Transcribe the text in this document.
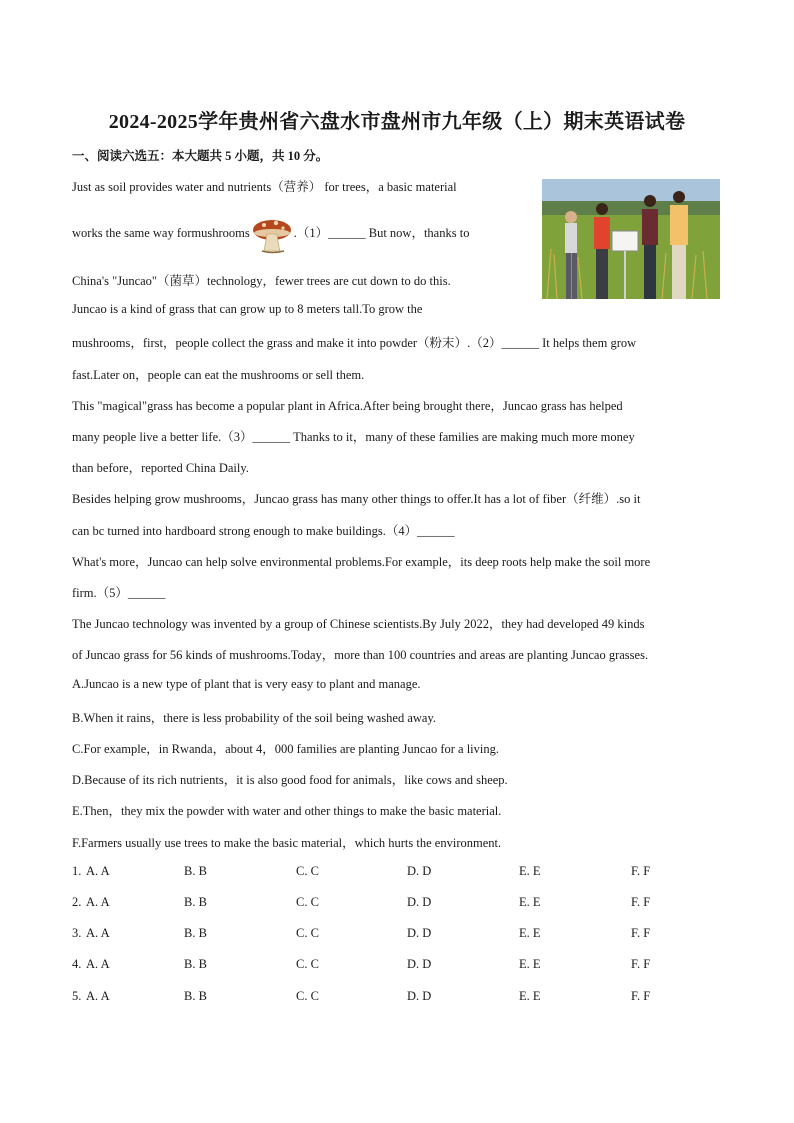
2024-2025学年贵州省六盘水市盘州市九年级（上）期末英语试卷
一、阅读六选五：本大题共 5 小题，共 10 分。
Just as soil provides water and nutrients（营养） for trees，a basic material
works the same way formushrooms	.（1）______ But now，thanks to
China's "Juncao"（菌草）technology，fewer trees are cut down to do this.
Juncao is a kind of grass that can grow up to 8 meters tall.To grow the
mushrooms，first，people collect the grass and make it into powder（粉末）.（2）______ It helps them grow
fast.Later on，people can eat the mushrooms or sell them.
This "magical"grass has become a popular plant in Africa.After being brought there，Juncao grass has helped
many people live a better life.（3）______ Thanks to it，many of these families are making much more money
than before，reported China Daily.
Besides helping grow mushrooms，Juncao grass has many other things to offer.It has a lot of fiber（纤维）.so it
can bc turned into hardboard strong enough to make buildings.（4）______
What's more，Juncao can help solve environmental problems.For example，its deep roots help make the soil more
firm.（5）______
The Juncao technology was invented by a group of Chinese scientists.By July 2022，they had developed 49 kinds
of Juncao grass for 56 kinds of mushrooms.Today，more than 100 countries and areas are planting Juncao grasses.
A.Juncao is a new type of plant that is very easy to plant and manage.
B.When it rains，there is less probability of the soil being washed away.
C.For example，in Rwanda，about 4，000 families are planting Juncao for a living.
D.Because of its rich nutrients，it is also good food for animals，like cows and sheep.
E.Then，they mix the powder with water and other things to make the basic material.
F.Farmers usually use trees to make the basic material，which hurts the environment.
1. A. A	B. B	C. C	D. D	E. E	F. F
2. A. A	B. B	C. C	D. D	E. E	F. F
3. A. A	B. B	C. C	D. D	E. E	F. F
4. A. A	B. B	C. C	D. D	E. E	F. F
5. A. A	B. B	C. C	D. D	E. E	F. F
